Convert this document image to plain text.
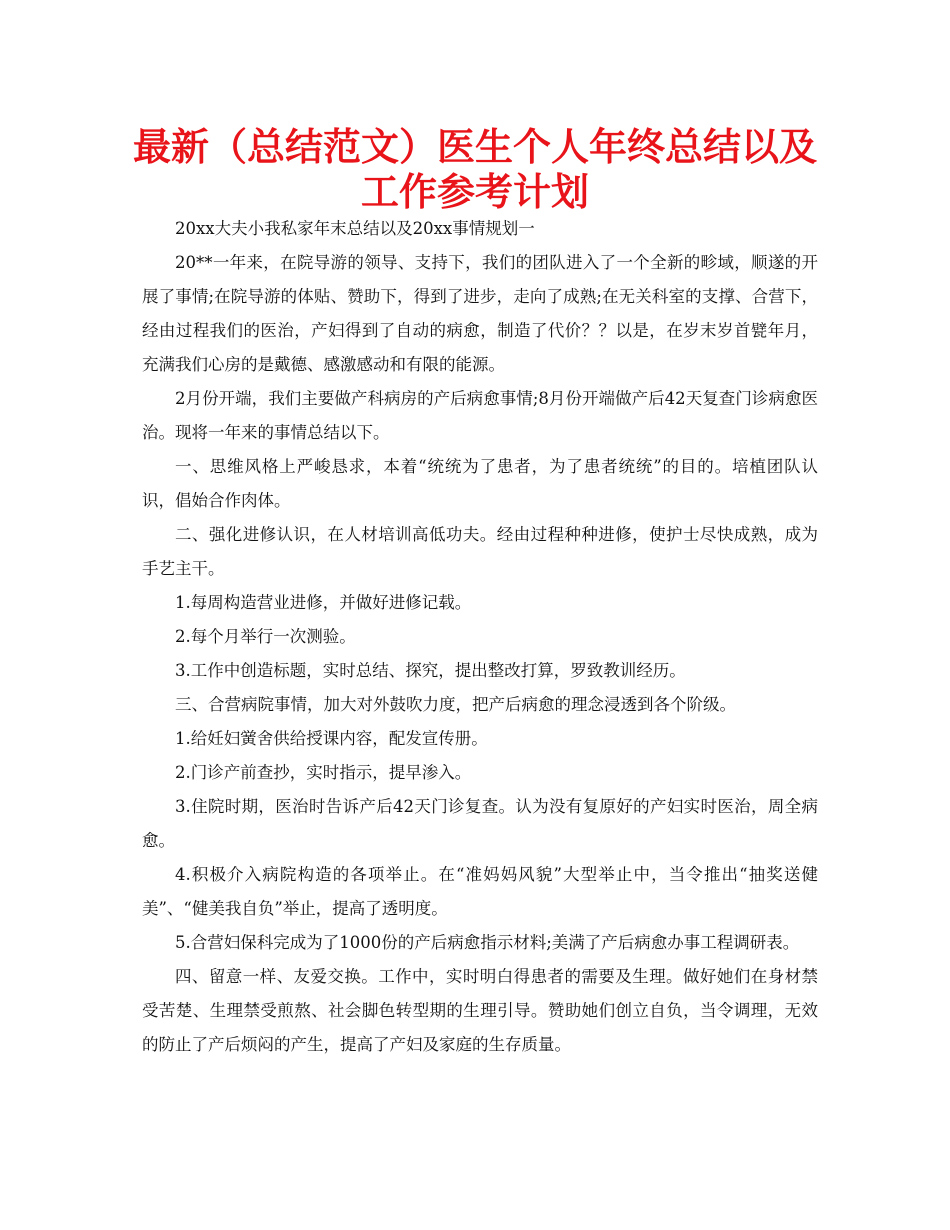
最新（总结范文）医生个人年终总结以及
工作参考计划

20xx大夫小我私家年末总结以及20xx事情规划一

20**一年来，在院导游的领导、支持下，我们的团队进入了一个全新的畛域，顺遂的开展了事情;在院导游的体贴、赞助下，得到了进步，走向了成熟;在无关科室的支撑、合营下，经由过程我们的医治，产妇得到了自动的病愈，制造了代价？？以是，在岁末岁首甓年月，充满我们心房的是戴德、感激感动和有限的能源。

2月份开端，我们主要做产科病房的产后病愈事情;8月份开端做产后42天复查门诊病愈医治。现将一年来的事情总结以下。

一、思维风格上严峻恳求，本着“统统为了患者，为了患者统统”的目的。培植团队认识，倡始合作肉体。

二、强化进修认识，在人材培训高低功夫。经由过程种种进修，使护士尽快成熟，成为手艺主干。

1.每周构造营业进修，并做好进修记载。

2.每个月举行一次测验。

3.工作中创造标题，实时总结、探究，提出整改打算，罗致教训经历。

三、合营病院事情，加大对外鼓吹力度，把产后病愈的理念浸透到各个阶级。

1.给妊妇黉舍供给授课内容，配发宣传册。

2.门诊产前查抄，实时指示，提早渗入。

3.住院时期，医治时告诉产后42天门诊复查。认为没有复原好的产妇实时医治，周全病愈。

4.积极介入病院构造的各项举止。在“准妈妈风貌”大型举止中，当令推出“抽奖送健美”、“健美我自负”举止，提高了透明度。

5.合营妇保科完成为了1000份的产后病愈指示材料;美满了产后病愈办事工程调研表。

四、留意一样、友爱交换。工作中，实时明白得患者的需要及生理。做好她们在身材禁受苦楚、生理禁受煎熬、社会脚色转型期的生理引导。赞助她们创立自负，当令调理，无效的防止了产后烦闷的产生，提高了产妇及家庭的生存质量。
